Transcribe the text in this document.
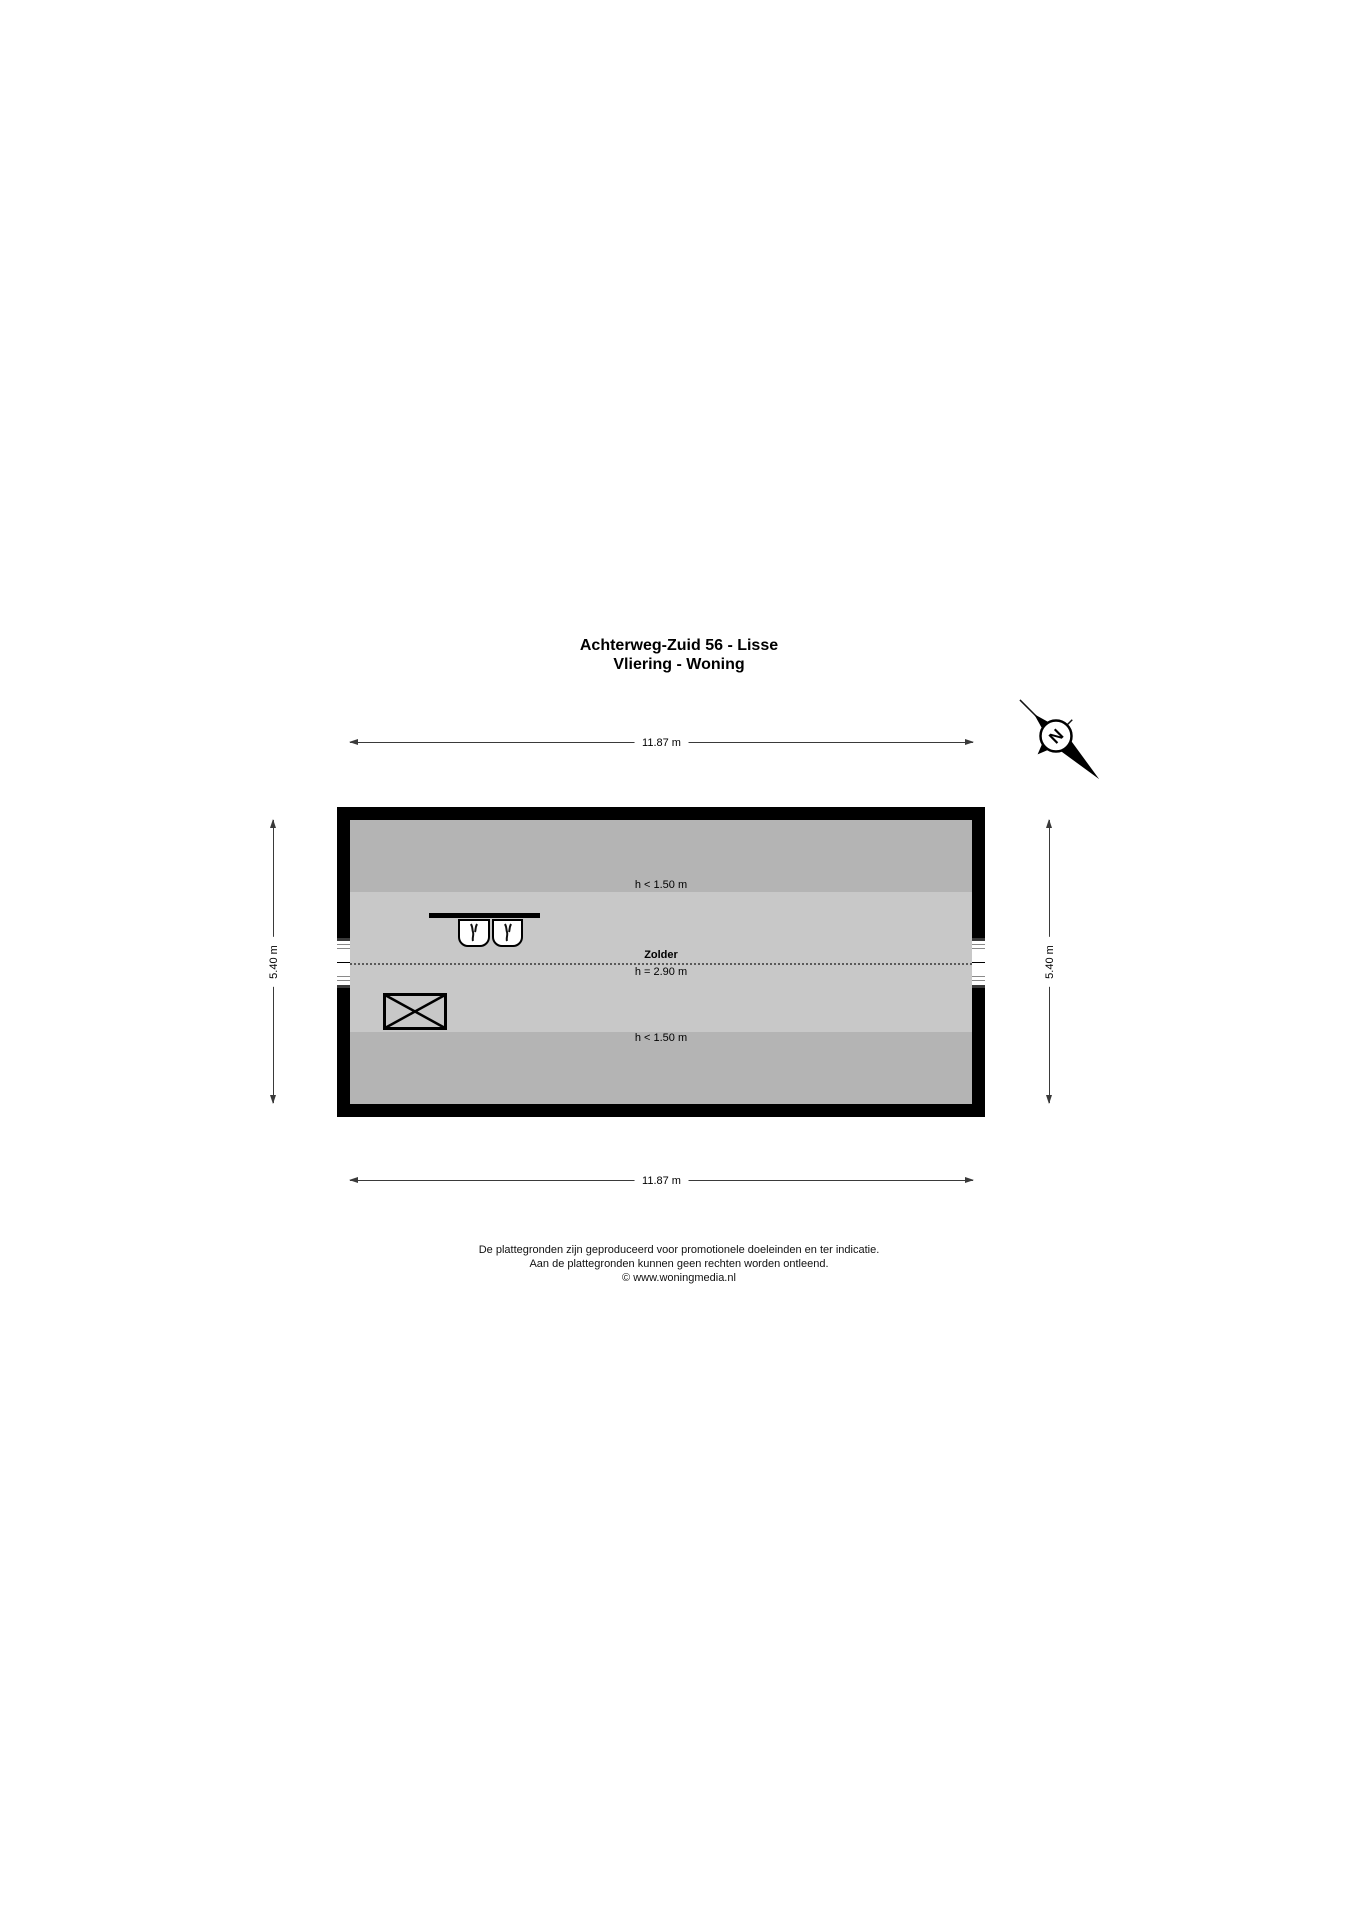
Achterweg-Zuid 56 - Lisse
Vliering - Woning
N
11.87 m
11.87 m
5.40 m	5.40 m
h < 1.50 m
Zolder
h = 2.90 m
h < 1.50 m
De plattegronden zijn geproduceerd voor promotionele doeleinden en ter indicatie.
Aan de plattegronden kunnen geen rechten worden ontleend.
© www.woningmedia.nl
